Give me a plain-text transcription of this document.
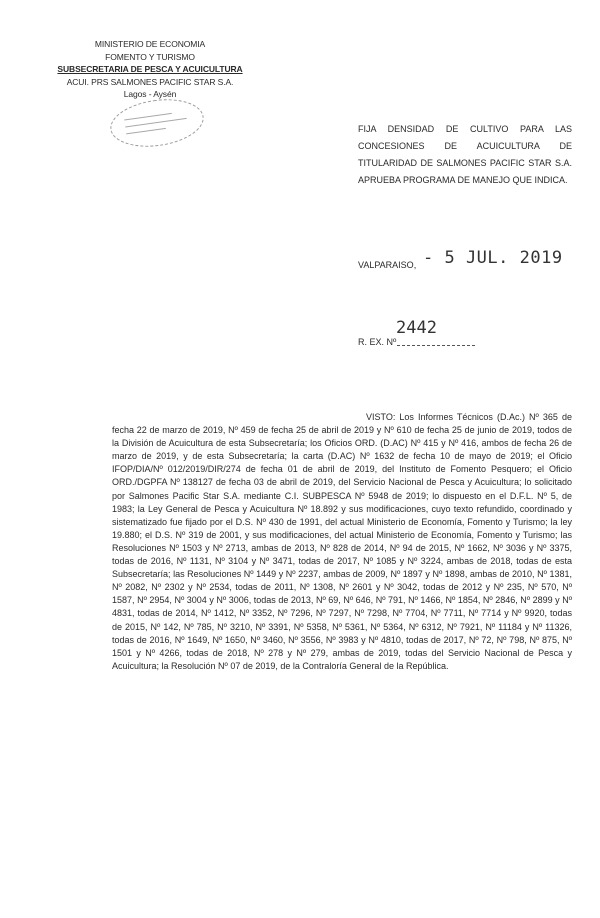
MINISTERIO DE ECONOMIA
FOMENTO Y TURISMO
SUBSECRETARIA DE PESCA Y ACUICULTURA
ACUI. PRS SALMONES PACIFIC STAR S.A.
Lagos - Aysén
FIJA DENSIDAD DE CULTIVO PARA LAS CONCESIONES DE ACUICULTURA DE TITULARIDAD DE SALMONES PACIFIC STAR S.A. APRUEBA PROGRAMA DE MANEJO QUE INDICA.
VALPARAISO, - 5 JUL. 2019
2442
R. EX. Nº
VISTO: Los Informes Técnicos (D.Ac.) Nº 365 de fecha 22 de marzo de 2019, Nº 459 de fecha 25 de abril de 2019 y Nº 610 de fecha 25 de junio de 2019, todos de la División de Acuicultura de esta Subsecretaría; los Oficios ORD. (D.AC) Nº 415 y Nº 416, ambos de fecha 26 de marzo de 2019, y de esta Subsecretaría; la carta (D.AC) Nº 1632 de fecha 10 de mayo de 2019; el Oficio IFOP/DIA/Nº 012/2019/DIR/274 de fecha 01 de abril de 2019, del Instituto de Fomento Pesquero; el Oficio ORD./DGPFA Nº 138127 de fecha 03 de abril de 2019, del Servicio Nacional de Pesca y Acuicultura; lo solicitado por Salmones Pacific Star S.A. mediante C.I. SUBPESCA Nº 5948 de 2019; lo dispuesto en el D.F.L. Nº 5, de 1983; la Ley General de Pesca y Acuicultura Nº 18.892 y sus modificaciones, cuyo texto refundido, coordinado y sistematizado fue fijado por el D.S. Nº 430 de 1991, del actual Ministerio de Economía, Fomento y Turismo; la ley 19.880; el D.S. Nº 319 de 2001, y sus modificaciones, del actual Ministerio de Economía, Fomento y Turismo; las Resoluciones Nº 1503 y Nº 2713, ambas de 2013, Nº 828 de 2014, Nº 94 de 2015, Nº 1662, Nº 3036 y Nº 3375, todas de 2016, Nº 1131, Nº 3104 y Nº 3471, todas de 2017, Nº 1085 y Nº 3224, ambas de 2018, todas de esta Subsecretaría; las Resoluciones Nº 1449 y Nº 2237, ambas de 2009, Nº 1897 y Nº 1898, ambas de 2010, Nº 1381, Nº 2082, Nº 2302 y Nº 2534, todas de 2011, Nº 1308, Nº 2601 y Nº 3042, todas de 2012 y Nº 235, Nº 570, Nº 1587, Nº 2954, Nº 3004 y Nº 3006, todas de 2013, Nº 69, Nº 646, Nº 791, Nº 1466, Nº 1854, Nº 2846, Nº 2899 y Nº 4831, todas de 2014, Nº 1412, Nº 3352, Nº 7296, Nº 7297, Nº 7298, Nº 7704, Nº 7711, Nº 7714 y Nº 9920, todas de 2015, Nº 142, Nº 785, Nº 3210, Nº 3391, Nº 5358, Nº 5361, Nº 5364, Nº 6312, Nº 7921, Nº 11184 y Nº 11326, todas de 2016, Nº 1649, Nº 1650, Nº 3460, Nº 3556, Nº 3983 y Nº 4810, todas de 2017, Nº 72, Nº 798, Nº 875, Nº 1501 y Nº 4266, todas de 2018, Nº 278 y Nº 279, ambas de 2019, todas del Servicio Nacional de Pesca y Acuicultura; la Resolución Nº 07 de 2019, de la Contraloría General de la República.
